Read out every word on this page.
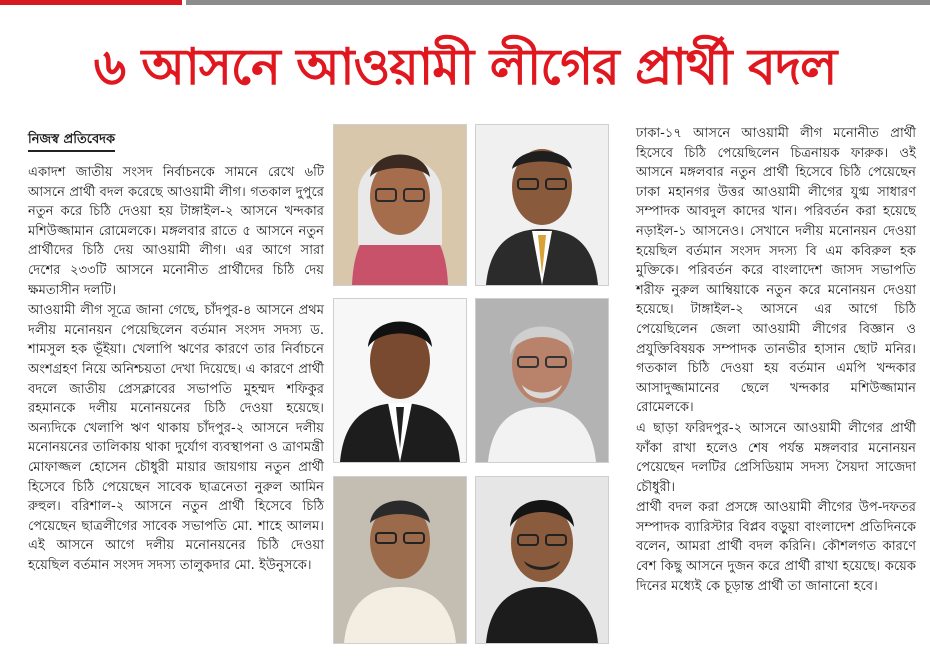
৬ আসনে আওয়ামী লীগের প্রার্থী বদল
নিজস্ব প্রতিবেদক

একাদশ জাতীয় সংসদ নির্বাচনকে সামনে রেখে ৬টি আসনে প্রার্থী বদল করেছে আওয়ামী লীগ। গতকাল দুপুরে নতুন করে চিঠি দেওয়া হয় টাঙ্গাইল-২ আসনে খন্দকার মশিউজ্জামান রোমেলকে। মঙ্গলবার রাতে ৫ আসনে নতুন প্রার্থীদের চিঠি দেয় আওয়ামী লীগ। এর আগে সারা দেশের ২৩৩টি আসনে মনোনীত প্রার্থীদের চিঠি দেয় ক্ষমতাসীন দলটি।

আওয়ামী লীগ সূত্রে জানা গেছে, চাঁদপুর-৪ আসনে প্রথম দলীয় মনোনয়ন পেয়েছিলেন বর্তমান সংসদ সদস্য ড. শামসুল হক ভূঁইয়া। খেলাপি ঋণের কারণে তার নির্বাচনে অংশগ্রহণ নিয়ে অনিশ্চয়তা দেখা দিয়েছে। এ কারণে প্রার্থী বদলে জাতীয় প্রেসক্লাবের সভাপতি মুহম্মদ শফিকুর রহমানকে দলীয় মনোনয়নের চিঠি দেওয়া হয়েছে। অন্যদিকে খেলাপি ঋণ থাকায় চাঁদপুর-২ আসনে দলীয় মনোনয়নের তালিকায় থাকা দুর্যোগ ব্যবস্থাপনা ও ত্রাণমন্ত্রী মোফাজ্জল হোসেন চৌধুরী মায়ার জায়গায় নতুন প্রার্থী হিসেবে চিঠি পেয়েছেন সাবেক ছাত্রনেতা নুরুল আমিন রুহুল। বরিশাল-২ আসনে নতুন প্রার্থী হিসেবে চিঠি পেয়েছেন ছাত্রলীগের সাবেক সভাপতি মো. শাহে আলম। এই আসনে আগে দলীয় মনোনয়নের চিঠি দেওয়া হয়েছিল বর্তমান সংসদ সদস্য তালুকদার মো. ইউনুসকে।

ঢাকা-১৭ আসনে আওয়ামী লীগ মনোনীত প্রার্থী হিসেবে চিঠি পেয়েছিলেন চিত্রনায়ক ফারুক। ওই আসনে মঙ্গলবার নতুন প্রার্থী হিসেবে চিঠি পেয়েছেন ঢাকা মহানগর উত্তর আওয়ামী লীগের যুগ্ম সাধারণ সম্পাদক আবদুল কাদের খান। পরিবর্তন করা হয়েছে নড়াইল-১ আসনেও। সেখানে দলীয় মনোনয়ন দেওয়া হয়েছিল বর্তমান সংসদ সদস্য বি এম কবিরুল হক মুক্তিকে। পরিবর্তন করে বাংলাদেশ জাসদ সভাপতি শরীফ নুরুল আম্বিয়াকে নতুন করে মনোনয়ন দেওয়া হয়েছে। টাঙ্গাইল-২ আসনে এর আগে চিঠি পেয়েছিলেন জেলা আওয়ামী লীগের বিজ্ঞান ও প্রযুক্তিবিষয়ক সম্পাদক তানভীর হাসান ছোট মনির। গতকাল চিঠি দেওয়া হয় বর্তমান এমপি খন্দকার আসাদুজ্জামানের ছেলে খন্দকার মশিউজ্জামান রোমেলকে।

এ ছাড়া ফরিদপুর-২ আসনে আওয়ামী লীগের প্রার্থী ফাঁকা রাখা হলেও শেষ পর্যন্ত মঙ্গলবার মনোনয়ন পেয়েছেন দলটির প্রেসিডিয়াম সদস্য সৈয়দা সাজেদা চৌধুরী।

প্রার্থী বদল করা প্রসঙ্গে আওয়ামী লীগের উপ-দফতর সম্পাদক ব্যারিস্টার বিপ্লব বড়ুয়া বাংলাদেশ প্রতিদিনকে বলেন, আমরা প্রার্থী বদল করিনি। কৌশলগত কারণে বেশ কিছু আসনে দুজন করে প্রার্থী রাখা হয়েছে। কয়েক দিনের মধ্যেই কে চূড়ান্ত প্রার্থী তা জানানো হবে।
